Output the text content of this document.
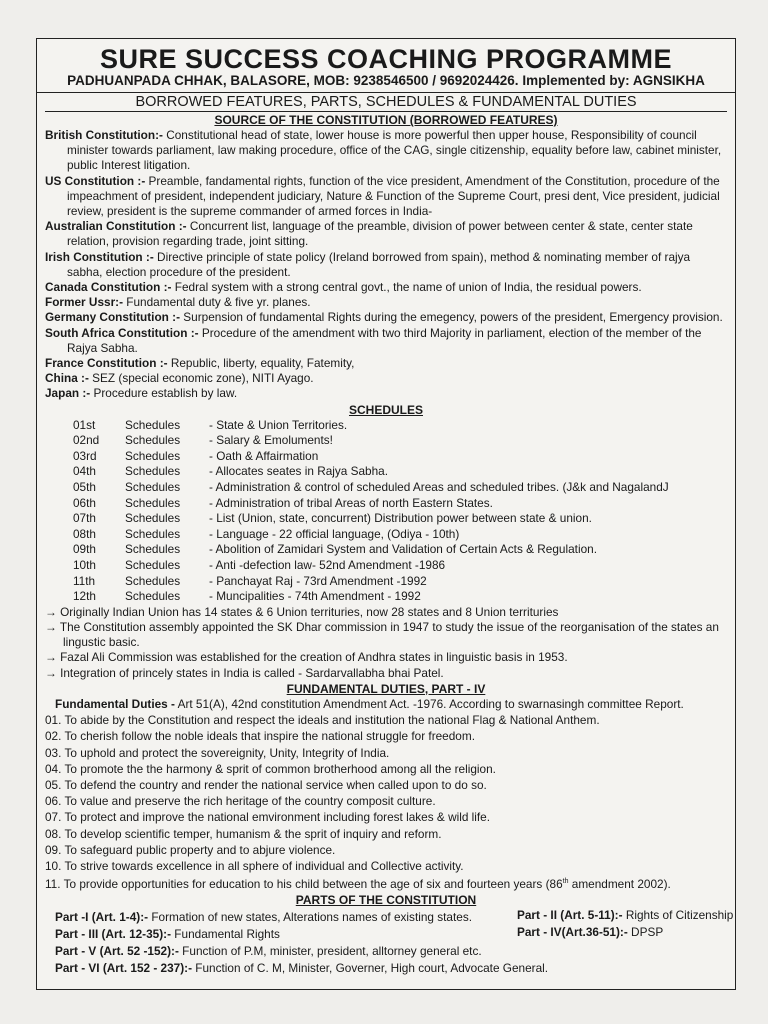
SURE SUCCESS COACHING PROGRAMME
PADHUANPADA CHHAK, BALASORE, MOB: 9238546500 / 9692024426. Implemented by: AGNSIKHA
BORROWED FEATURES, PARTS, SCHEDULES & FUNDAMENTAL DUTIES
SOURCE OF THE CONSTITUTION (BORROWED FEATURES)
British Constitution:- Constitutional head of state, lower house is more powerful then upper house, Responsibility of council
minister towards parliament, law making procedure, office of the CAG, single citizenship, equality before law, cabinet minister,
public Interest litigation.
US Constitution :- Preamble, fandamental rights, function of the vice president, Amendment of the Constitution, procedure of the
impeachment of president, independent judiciary, Nature & Function of the Supreme Court, presi dent, Vice president, judicial
review, president is the supreme commander of armed forces in India-
Australian Constitution :- Concurrent list, language of the preamble, division of power between center & state, center state
relation, provision regarding trade, joint sitting.
Irish Constitution :- Directive principle of state policy (Ireland borrowed from spain), method & nominating member of rajya
sabha, election procedure of the president.
Canada Constitution :- Fedral system with a strong central govt., the name of union of India, the residual powers.
Former Ussr:- Fundamental duty & five yr. planes.
Germany Constitution :- Surpension of fundamental Rights during the emegency, powers of the president, Emergency provision.
South Africa Constitution :- Procedure of the amendment with two third Majority in parliament, election of the member of the
Rajya Sabha.
France Constitution :- Republic, liberty, equality, Fatemity,
China :- SEZ (special economic zone), NITI Ayago.
Japan :- Procedure establish by law.
SCHEDULES
01st	Schedules	- State & Union Territories.
02nd	Schedules	- Salary & Emoluments!
03rd	Schedules	- Oath & Affairmation
04th	Schedules	- Allocates seates in Rajya Sabha.
05th	Schedules	- Administration & control of scheduled Areas and scheduled tribes. (J&k and NagalandJ
06th	Schedules	- Administration of tribal Areas of north Eastern States.
07th	Schedules	- List (Union, state, concurrent) Distribution power between state & union.
08th	Schedules	- Language - 22 official language, (Odiya - 10th)
09th	Schedules	- Abolition of Zamidari System and Validation of Certain Acts & Regulation.
10th	Schedules	- Anti -defection law- 52nd Amendment -1986
11th	Schedules	- Panchayat Raj - 73rd Amendment -1992
12th	Schedules	- Muncipalities - 74th Amendment - 1992
→ Originally Indian Union has 14 states & 6 Union territuries, now 28 states and 8 Union territuries
→ The Constitution assembly appointed the SK Dhar commission in 1947 to study the issue of the reorganisation of the states an
lingustic basic.
→ Fazal Ali Commission was established for the creation of Andhra states in linguistic basis in 1953.
→ Integration of princely states in India is called - Sardarvallabha bhai Patel.
FUNDAMENTAL DUTIES, PART - IV
Fundamental Duties - Art 51(A), 42nd constitution Amendment Act. -1976. According to swarnasingh committee Report.
01. To abide by the Constitution and respect the ideals and institution the national Flag & National Anthem.
02. To cherish follow the noble ideals that inspire the national struggle for freedom.
03. To uphold and protect the sovereignity, Unity, Integrity of India.
04. To promote the the harmony & sprit of common brotherhood among all the religion.
05. To defend the country and render the national service when called upon to do so.
06. To value and preserve the rich heritage of the country composit culture.
07. To protect and improve the national emvironment including forest lakes & wild life.
08. To develop scientific temper, humanism & the sprit of inquiry and reform.
09. To safeguard public property and to abjure violence.
10. To strive towards excellence in all sphere of individual and Collective activity.
11. To provide opportunities for education to his child between the age of six and fourteen years (86th amendment 2002).
PARTS OF THE CONSTITUTION
Part -I (Art. 1-4):- Formation of new states, Alterations names of existing states.	Part - II (Art. 5-11):- Rights of Citizenship
Part - III (Art. 12-35):- Fundamental Rights	Part - IV(Art.36-51):- DPSP
Part - V (Art. 52 -152):- Function of P.M, minister, president, alltorney general etc.
Part - VI (Art. 152 - 237):- Function of C. M, Minister, Governer, High court, Advocate General.
